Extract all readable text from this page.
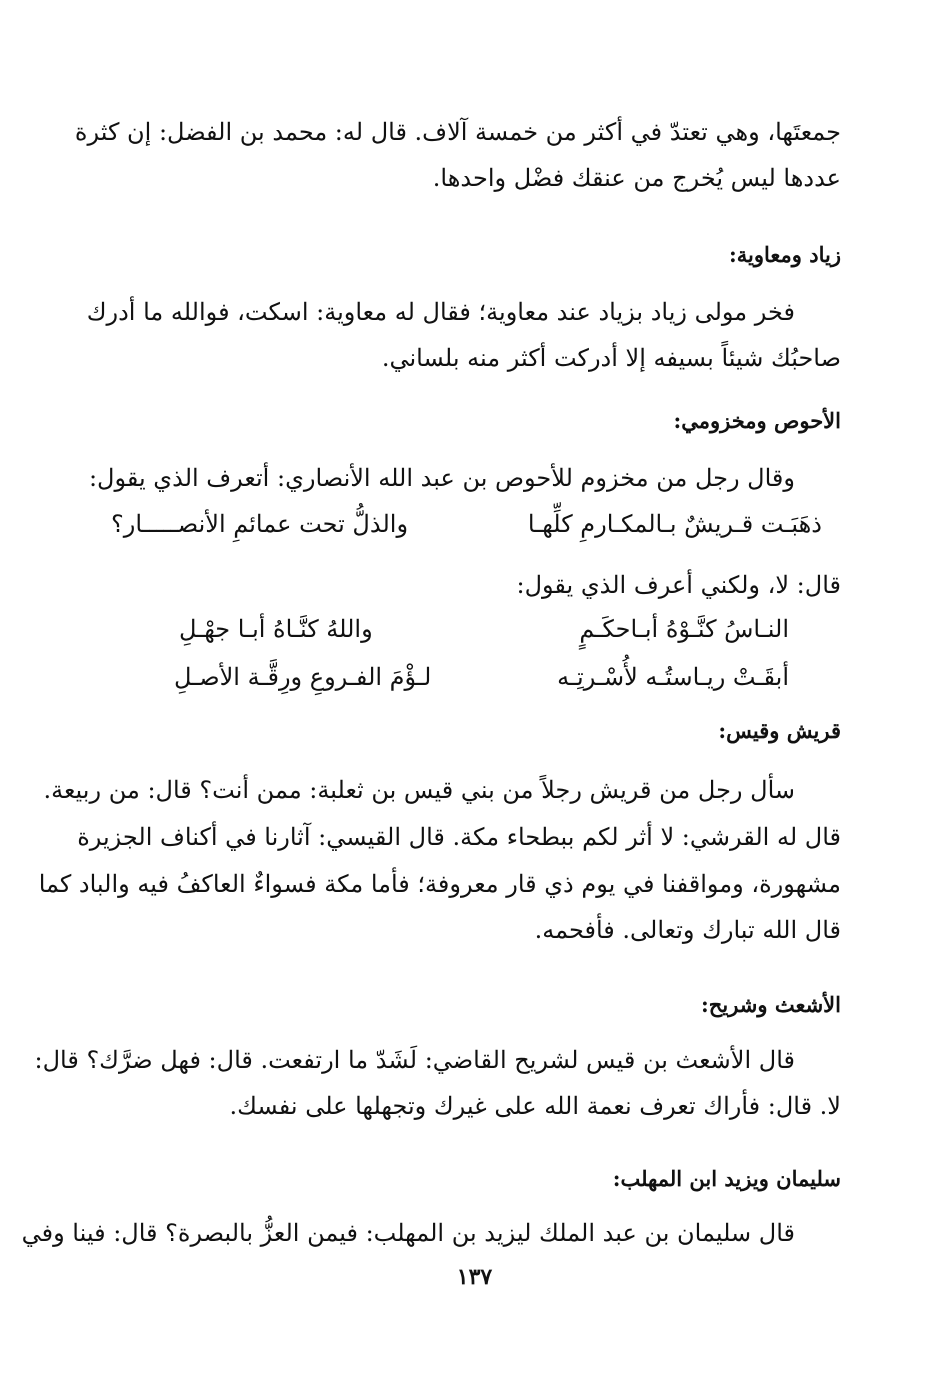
جمعتَها، وهي تعتدّ في أكثر من خمسة آلاف. قال له: محمد بن الفضل: إن كثرة
عددها ليس يُخرج من عنقك فضْل واحدها.
زياد ومعاوية:
فخر مولى زياد بزياد عند معاوية؛ فقال له معاوية: اسكت، فوالله ما أدرك
صاحبُك شيئاً بسيفه إلا أدركت أكثر منه بلساني.
الأحوص ومخزومي:
وقال رجل من مخزوم للأحوص بن عبد الله الأنصاري: أتعرف الذي يقول:
ذهَبَـت قـريشٌ بـالمكـارمِ كلِّهـا
والذلُّ تحت عمائمِ الأنصـــــار؟
قال: لا، ولكني أعرف الذي يقول:
النـاسُ كنَّـوْهُ أبـاحكَـمٍ
واللهُ كنَّـاهُ أبـا جهْـلِ
أبقَـتْ ريـاستُـه لأُسْـرتِـه
لـؤْمَ الفـروعِ ورِقَّـة الأصـلِ
قريش وقيس:
سأل رجل من قريش رجلاً من بني قيس بن ثعلبة: ممن أنت؟ قال: من ربيعة.
قال له القرشي: لا أثر لكم ببطحاء مكة. قال القيسي: آثارنا في أكناف الجزيرة
مشهورة، ومواقفنا في يوم ذي قار معروفة؛ فأما مكة فسواءٌ العاكفُ فيه والباد كما
قال الله تبارك وتعالى. فأفحمه.
الأشعث وشريح:
قال الأشعث بن قيس لشريح القاضي: لَشَدّ ما ارتفعت. قال: فهل ضرَّك؟ قال:
لا. قال: فأراك تعرف نعمة الله على غيرك وتجهلها على نفسك.
سليمان ويزيد ابن المهلب:
قال سليمان بن عبد الملك ليزيد بن المهلب: فيمن العزُّ بالبصرة؟ قال: فينا وفي
١٣٧
